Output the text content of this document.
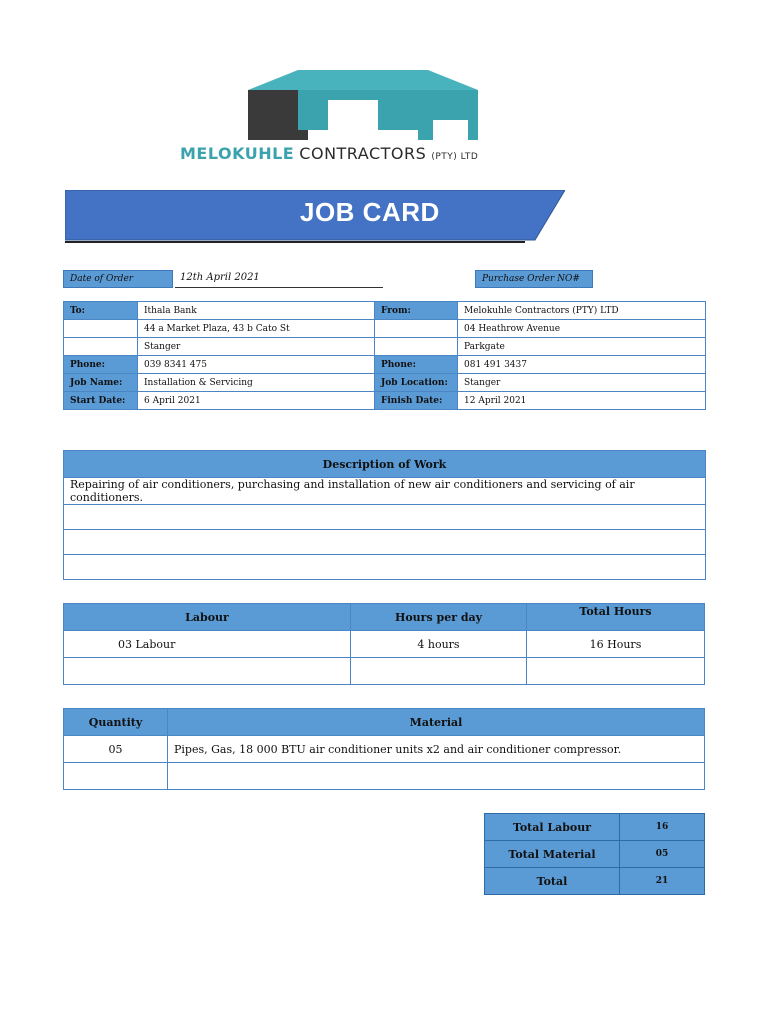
MELOKUHLE CONTRACTORS (PTY) LTD
JOB CARD
Date of Order	12th April 2021	Purchase Order NO#
To:	Ithala Bank	From:	Melokuhle Contractors (PTY) LTD
	44 a Market Plaza, 43 b Cato St		04 Heathrow Avenue
	Stanger		Parkgate
Phone:	039 8341 475	Phone:	081 491 3437
Job Name:	Installation & Servicing	Job Location:	Stanger
Start Date:	6 April 2021	Finish Date:	12 April 2021
Description of Work
Repairing of air conditioners, purchasing and installation of new air conditioners and servicing of air conditioners.

Labour	Hours per day	Total Hours
03 Labour	4 hours	16 Hours

Quantity	Material
05	Pipes, Gas, 18 000 BTU air conditioner units x2 and air conditioner compressor.

Total Labour	16
Total Material	05
Total	21
